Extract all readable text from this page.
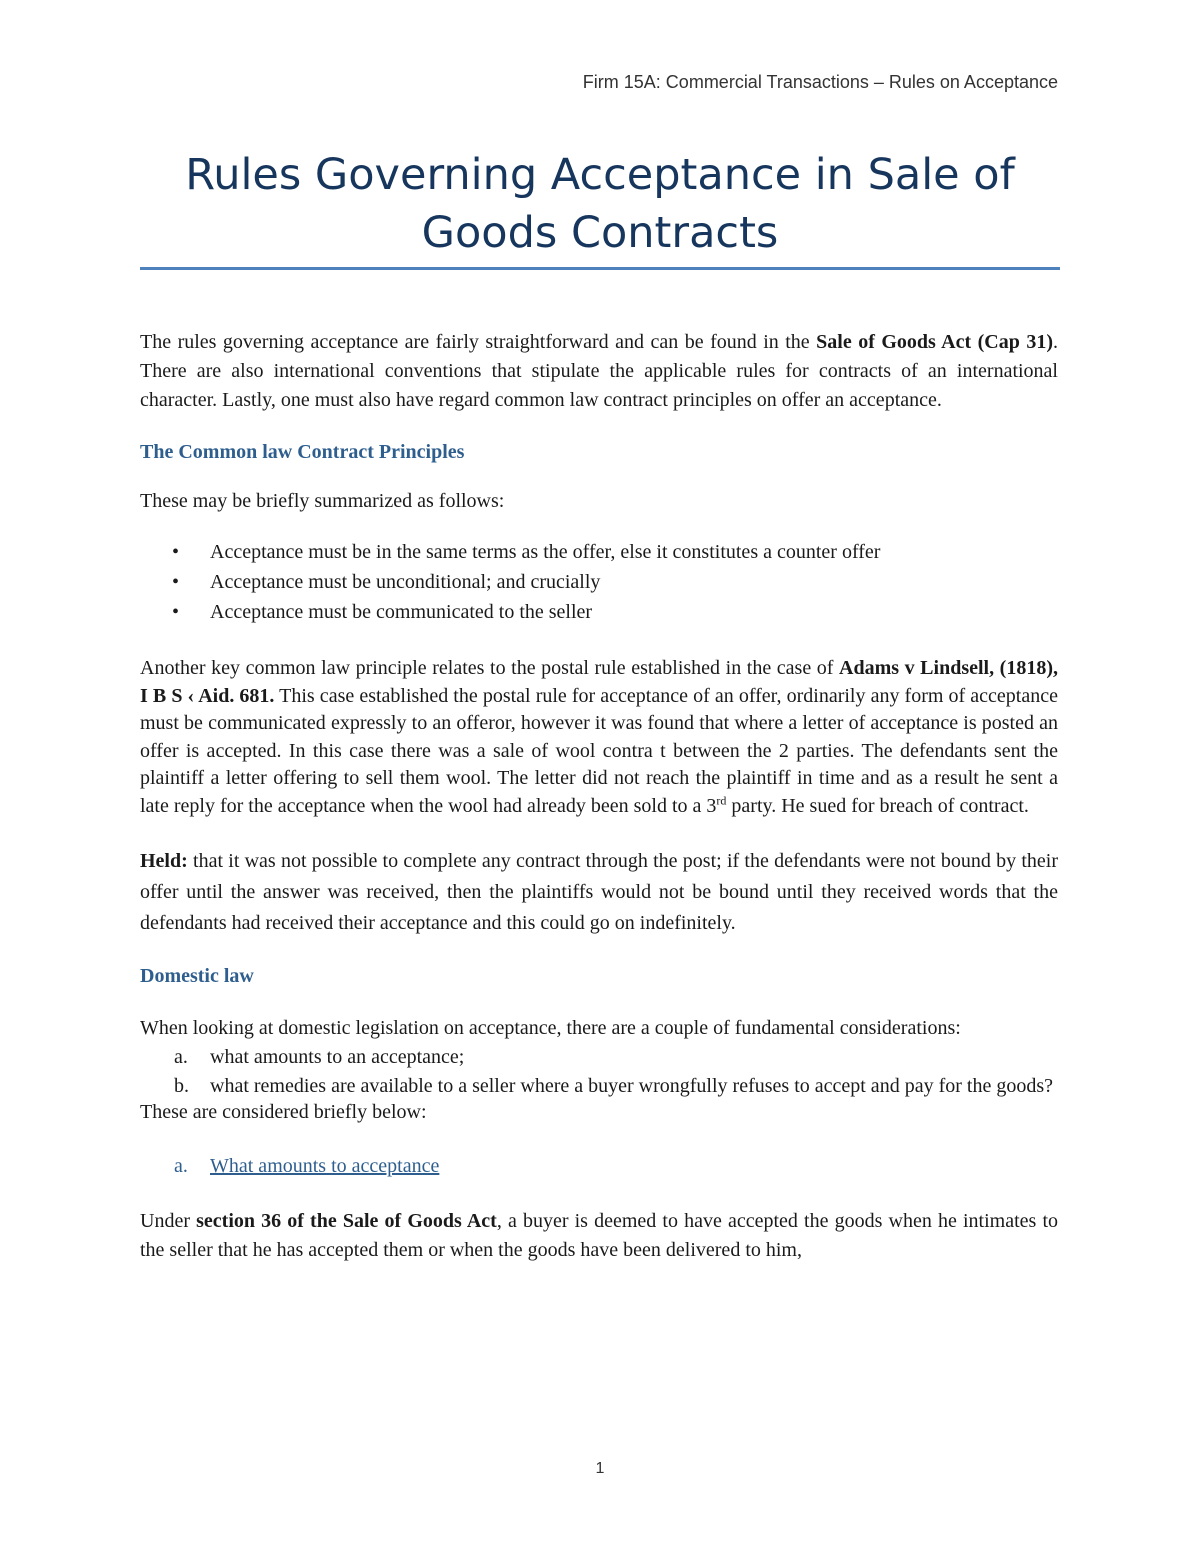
Firm 15A: Commercial Transactions – Rules on Acceptance
Rules Governing Acceptance in Sale of
Goods Contracts

The rules governing acceptance are fairly straightforward and can be found in the Sale of Goods Act (Cap 31). There are also international conventions that stipulate the applicable rules for contracts of an international character. Lastly, one must also have regard common law contract principles on offer an acceptance.

The Common law Contract Principles

These may be briefly summarized as follows:

• Acceptance must be in the same terms as the offer, else it constitutes a counter offer
• Acceptance must be unconditional; and crucially
• Acceptance must be communicated to the seller

Another key common law principle relates to the postal rule established in the case of Adams v Lindsell, (1818), I B S ‹ Aid. 681. This case established the postal rule for acceptance of an offer, ordinarily any form of acceptance must be communicated expressly to an offeror, however it was found that where a letter of acceptance is posted an offer is accepted. In this case there was a sale of wool contra t between the 2 parties. The defendants sent the plaintiff a letter offering to sell them wool. The letter did not reach the plaintiff in time and as a result he sent a late reply for the acceptance when the wool had already been sold to a 3rd party. He sued for breach of contract.

Held: that it was not possible to complete any contract through the post; if the defendants were not bound by their offer until the answer was received, then the plaintiffs would not be bound until they received words that the defendants had received their acceptance and this could go on indefinitely.

Domestic law

When looking at domestic legislation on acceptance, there are a couple of fundamental considerations:

a. what amounts to an acceptance;
b. what remedies are available to a seller where a buyer wrongfully refuses to accept and pay for the goods?

These are considered briefly below:

a. What amounts to acceptance

Under section 36 of the Sale of Goods Act, a buyer is deemed to have accepted the goods when he intimates to the seller that he has accepted them or when the goods have been delivered to him,

1
